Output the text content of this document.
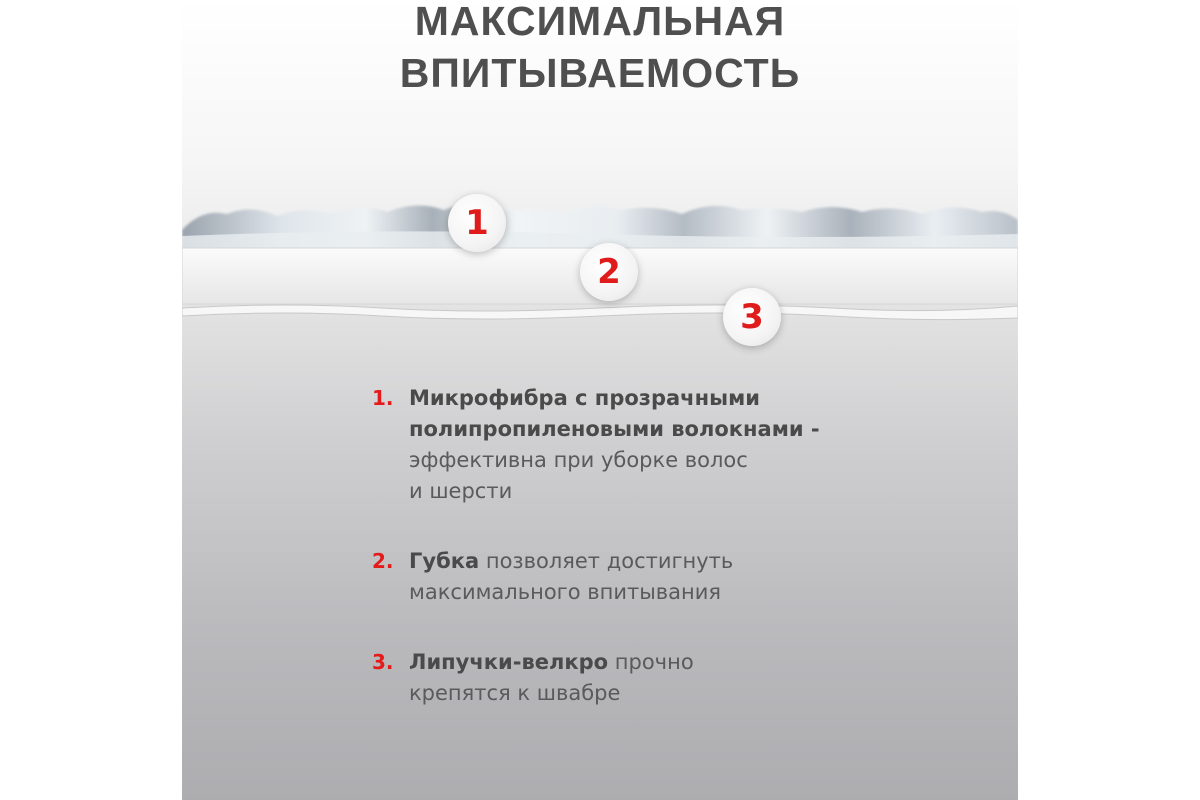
МАКСИМАЛЬНАЯ
ВПИТЫВАЕМОСТЬ
1
2
3
1. Микрофибра с прозрачными
полипропиленовыми волокнами -
эффективна при уборке волос
и шерсти
2. Губка позволяет достигнуть
максимального впитывания
3. Липучки-велкро прочно
крепятся к швабре
